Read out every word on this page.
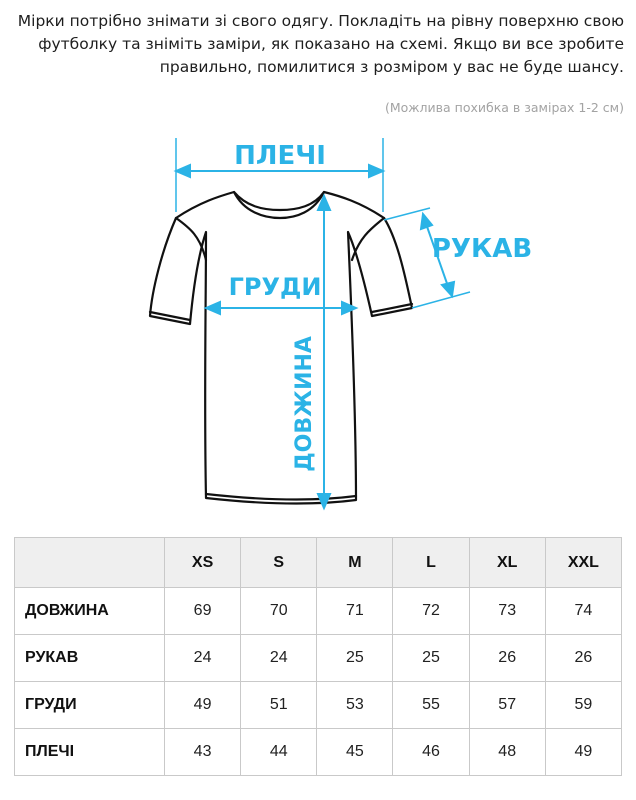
Мірки потрібно знімати зі свого одягу. Покладіть на рівну поверхню свою футболку та зніміть заміри, як показано на схемі. Якщо ви все зробите правильно, помилитися з розміром у вас не буде шансу.
(Можлива похибка в замірах 1-2 см)
ПЛЕЧІ
ГРУДИ
РУКАВ
ДОВЖИНА
	XS	S	M	L	XL	XXL
ДОВЖИНА	69	70	71	72	73	74
РУКАВ	24	24	25	25	26	26
ГРУДИ	49	51	53	55	57	59
ПЛЕЧІ	43	44	45	46	48	49
